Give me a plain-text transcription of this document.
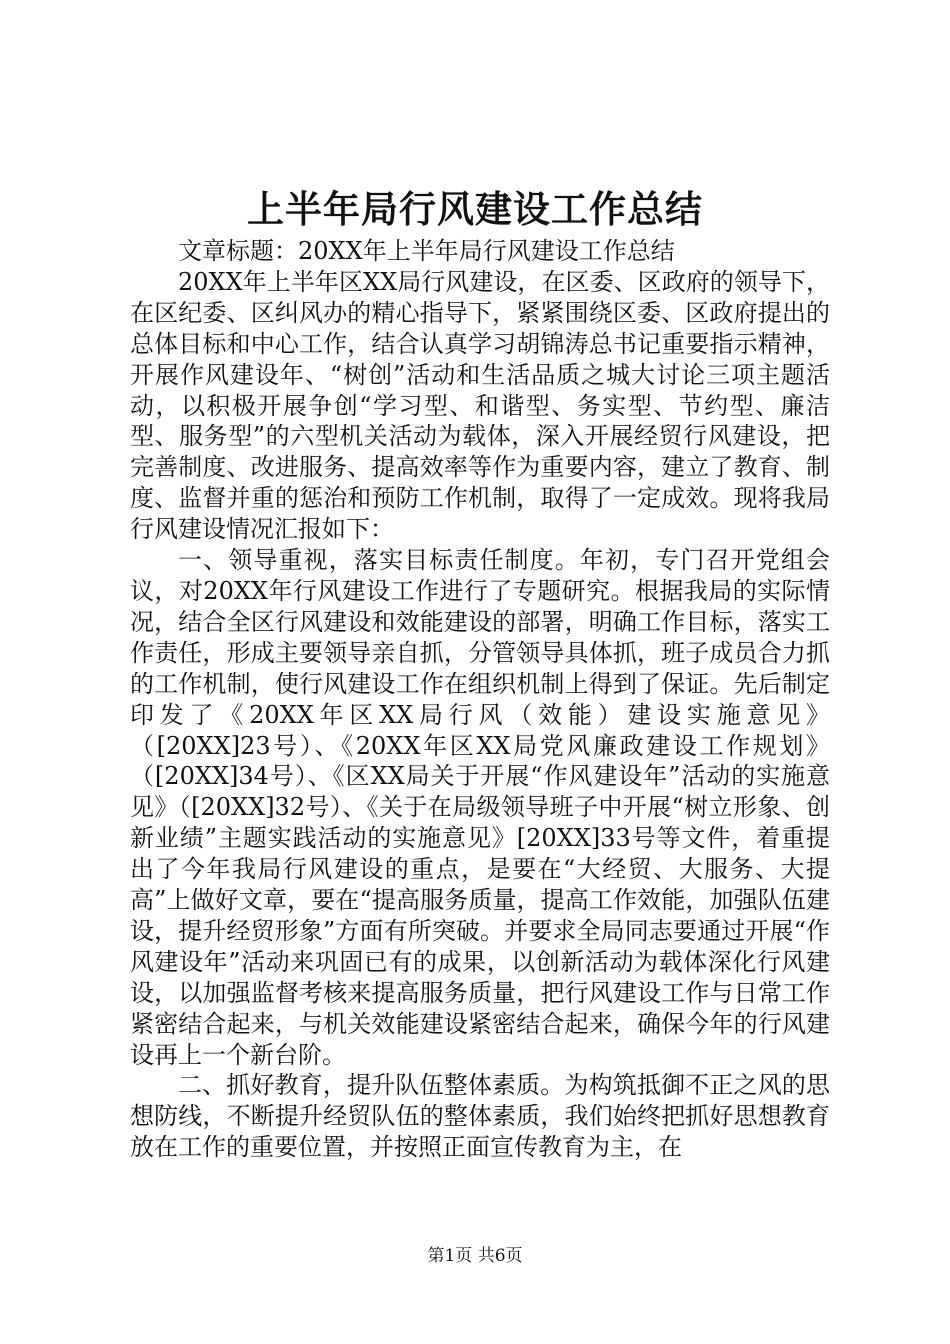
上半年局行风建设工作总结

文章标题：20XX年上半年局行风建设工作总结

20XX年上半年区XX局行风建设，在区委、区政府的领导下，在区纪委、区纠风办的精心指导下，紧紧围绕区委、区政府提出的总体目标和中心工作，结合认真学习胡锦涛总书记重要指示精神，开展作风建设年、“树创”活动和生活品质之城大讨论三项主题活动，以积极开展争创“学习型、和谐型、务实型、节约型、廉洁型、服务型”的六型机关活动为载体，深入开展经贸行风建设，把完善制度、改进服务、提高效率等作为重要内容，建立了教育、制度、监督并重的惩治和预防工作机制，取得了一定成效。现将我局行风建设情况汇报如下：

一、领导重视，落实目标责任制度。年初，专门召开党组会议，对20XX年行风建设工作进行了专题研究。根据我局的实际情况，结合全区行风建设和效能建设的部署，明确工作目标，落实工作责任，形成主要领导亲自抓，分管领导具体抓，班子成员合力抓的工作机制，使行风建设工作在组织机制上得到了保证。先后制定印发了《20XX年区XX局行风（效能）建设实施意见》（[20XX]23号）、《20XX年区XX局党风廉政建设工作规划》（[20XX]34号）、《区XX局关于开展“作风建设年”活动的实施意见》（[20XX]32号）、《关于在局级领导班子中开展“树立形象、创新业绩”主题实践活动的实施意见》[20XX]33号等文件，着重提出了今年我局行风建设的重点，是要在“大经贸、大服务、大提高”上做好文章，要在“提高服务质量，提高工作效能，加强队伍建设，提升经贸形象”方面有所突破。并要求全局同志要通过开展“作风建设年”活动来巩固已有的成果，以创新活动为载体深化行风建设，以加强监督考核来提高服务质量，把行风建设工作与日常工作紧密结合起来，与机关效能建设紧密结合起来，确保今年的行风建设再上一个新台阶。

二、抓好教育，提升队伍整体素质。为构筑抵御不正之风的思想防线，不断提升经贸队伍的整体素质，我们始终把抓好思想教育放在工作的重要位置，并按照正面宣传教育为主，在

第1页 共6页
